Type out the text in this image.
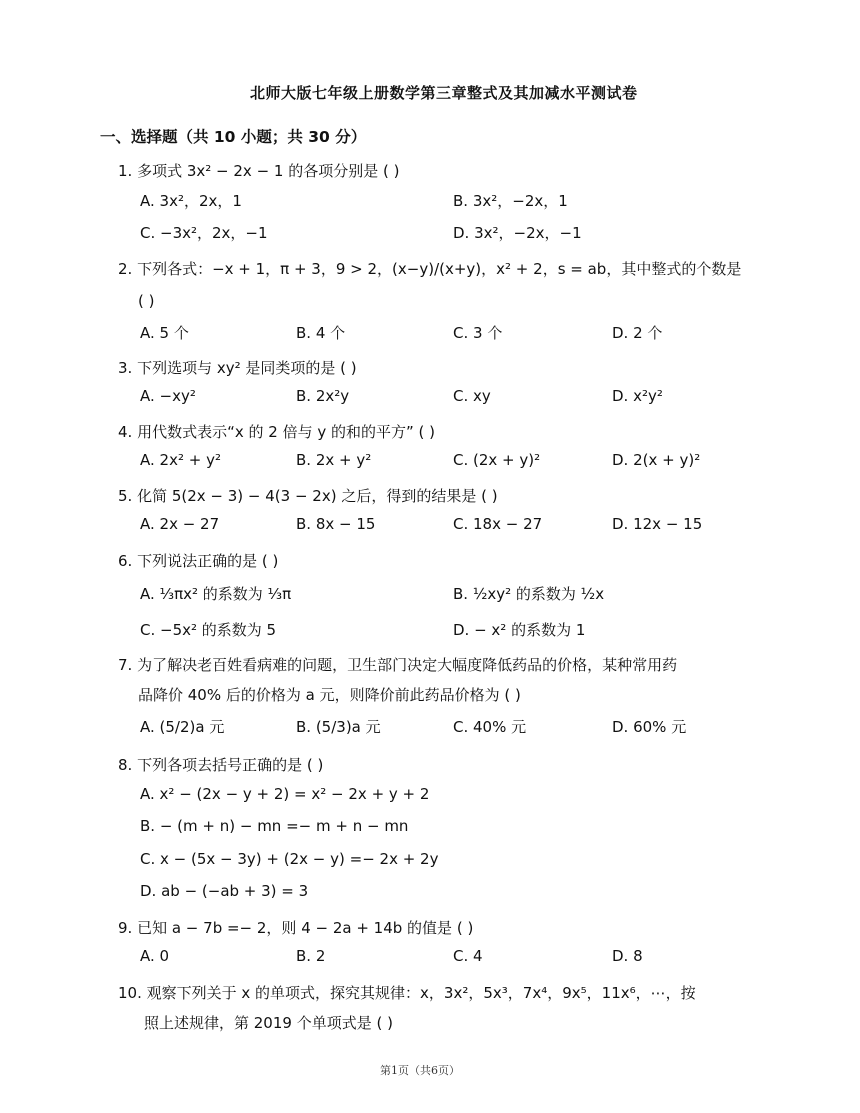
北师大版七年级上册数学第三章整式及其加减水平测试卷
一、选择题（共 10 小题；共 30 分）
1. 多项式 3x² − 2x − 1 的各项分别是 ( )
A. 3x²，2x，1	B. 3x²，−2x，1
C. −3x²，2x，−1	D. 3x²，−2x，−1
2. 下列各式：−x + 1，π + 3，9 > 2，(x−y)/(x+y)，x² + 2，s = ab，其中整式的个数是
( )
A. 5 个	B. 4 个	C. 3 个	D. 2 个
3. 下列选项与 xy² 是同类项的是 ( )
A. −xy²	B. 2x²y	C. xy	D. x²y²
4. 用代数式表示“x 的 2 倍与 y 的和的平方” ( )
A. 2x² + y²	B. 2x + y²	C. (2x + y)²	D. 2(x + y)²
5. 化简 5(2x − 3) − 4(3 − 2x) 之后，得到的结果是 ( )
A. 2x − 27	B. 8x − 15	C. 18x − 27	D. 12x − 15
6. 下列说法正确的是 ( )
A. ⅓πx² 的系数为 ⅓π	B. ½xy² 的系数为 ½x
C. −5x² 的系数为 5	D. − x² 的系数为 1
7. 为了解决老百姓看病难的问题，卫生部门决定大幅度降低药品的价格，某种常用药
品降价 40% 后的价格为 a 元，则降价前此药品价格为 ( )
A. (5/2)a 元	B. (5/3)a 元	C. 40% 元	D. 60% 元
8. 下列各项去括号正确的是 ( )
A. x² − (2x − y + 2) = x² − 2x + y + 2
B. − (m + n) − mn =− m + n − mn
C. x − (5x − 3y) + (2x − y) =− 2x + 2y
D. ab − (−ab + 3) = 3
9. 已知 a − 7b =− 2，则 4 − 2a + 14b 的值是 ( )
A. 0	B. 2	C. 4	D. 8
10. 观察下列关于 x 的单项式，探究其规律：x，3x²，5x³，7x⁴，9x⁵，11x⁶，⋯，按
照上述规律，第 2019 个单项式是 ( )
第1页（共6页）
